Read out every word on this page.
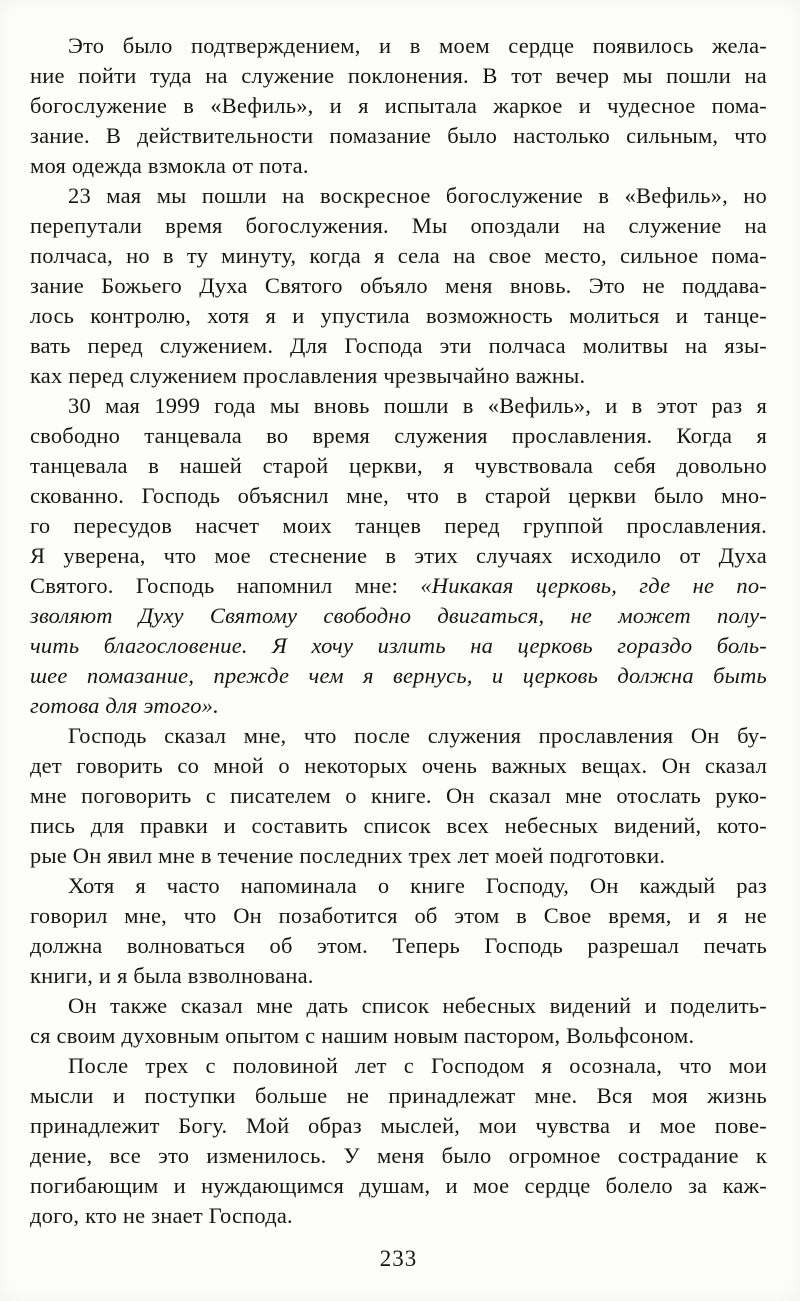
Это было подтверждением, и в моем сердце появилось жела-
ние пойти туда на служение поклонения. В тот вечер мы пошли на
богослужение в «Вефиль», и я испытала жаркое и чудесное пома-
зание. В действительности помазание было настолько сильным, что
моя одежда взмокла от пота.
23 мая мы пошли на воскресное богослужение в «Вефиль», но
перепутали время богослужения. Мы опоздали на служение на
полчаса, но в ту минуту, когда я села на свое место, сильное пома-
зание Божьего Духа Святого объяло меня вновь. Это не поддава-
лось контролю, хотя я и упустила возможность молиться и танце-
вать перед служением. Для Господа эти полчаса молитвы на язы-
ках перед служением прославления чрезвычайно важны.
30 мая 1999 года мы вновь пошли в «Вефиль», и в этот раз я
свободно танцевала во время служения прославления. Когда я
танцевала в нашей старой церкви, я чувствовала себя довольно
скованно. Господь объяснил мне, что в старой церкви было мно-
го пересудов насчет моих танцев перед группой прославления.
Я уверена, что мое стеснение в этих случаях исходило от Духа
Святого. Господь напомнил мне: «Никакая церковь, где не по-
зволяют Духу Святому свободно двигаться, не может полу-
чить благословение. Я хочу излить на церковь гораздо боль-
шее помазание, прежде чем я вернусь, и церковь должна быть
готова для этого».
Господь сказал мне, что после служения прославления Он бу-
дет говорить со мной о некоторых очень важных вещах. Он сказал
мне поговорить с писателем о книге. Он сказал мне отослать руко-
пись для правки и составить список всех небесных видений, кото-
рые Он явил мне в течение последних трех лет моей подготовки.
Хотя я часто напоминала о книге Господу, Он каждый раз
говорил мне, что Он позаботится об этом в Свое время, и я не
должна волноваться об этом. Теперь Господь разрешал печать
книги, и я была взволнована.
Он также сказал мне дать список небесных видений и поделить-
ся своим духовным опытом с нашим новым пастором, Вольфсоном.
После трех с половиной лет с Господом я осознала, что мои
мысли и поступки больше не принадлежат мне. Вся моя жизнь
принадлежит Богу. Мой образ мыслей, мои чувства и мое пове-
дение, все это изменилось. У меня было огромное сострадание к
погибающим и нуждающимся душам, и мое сердце болело за каж-
дого, кто не знает Господа.
233
